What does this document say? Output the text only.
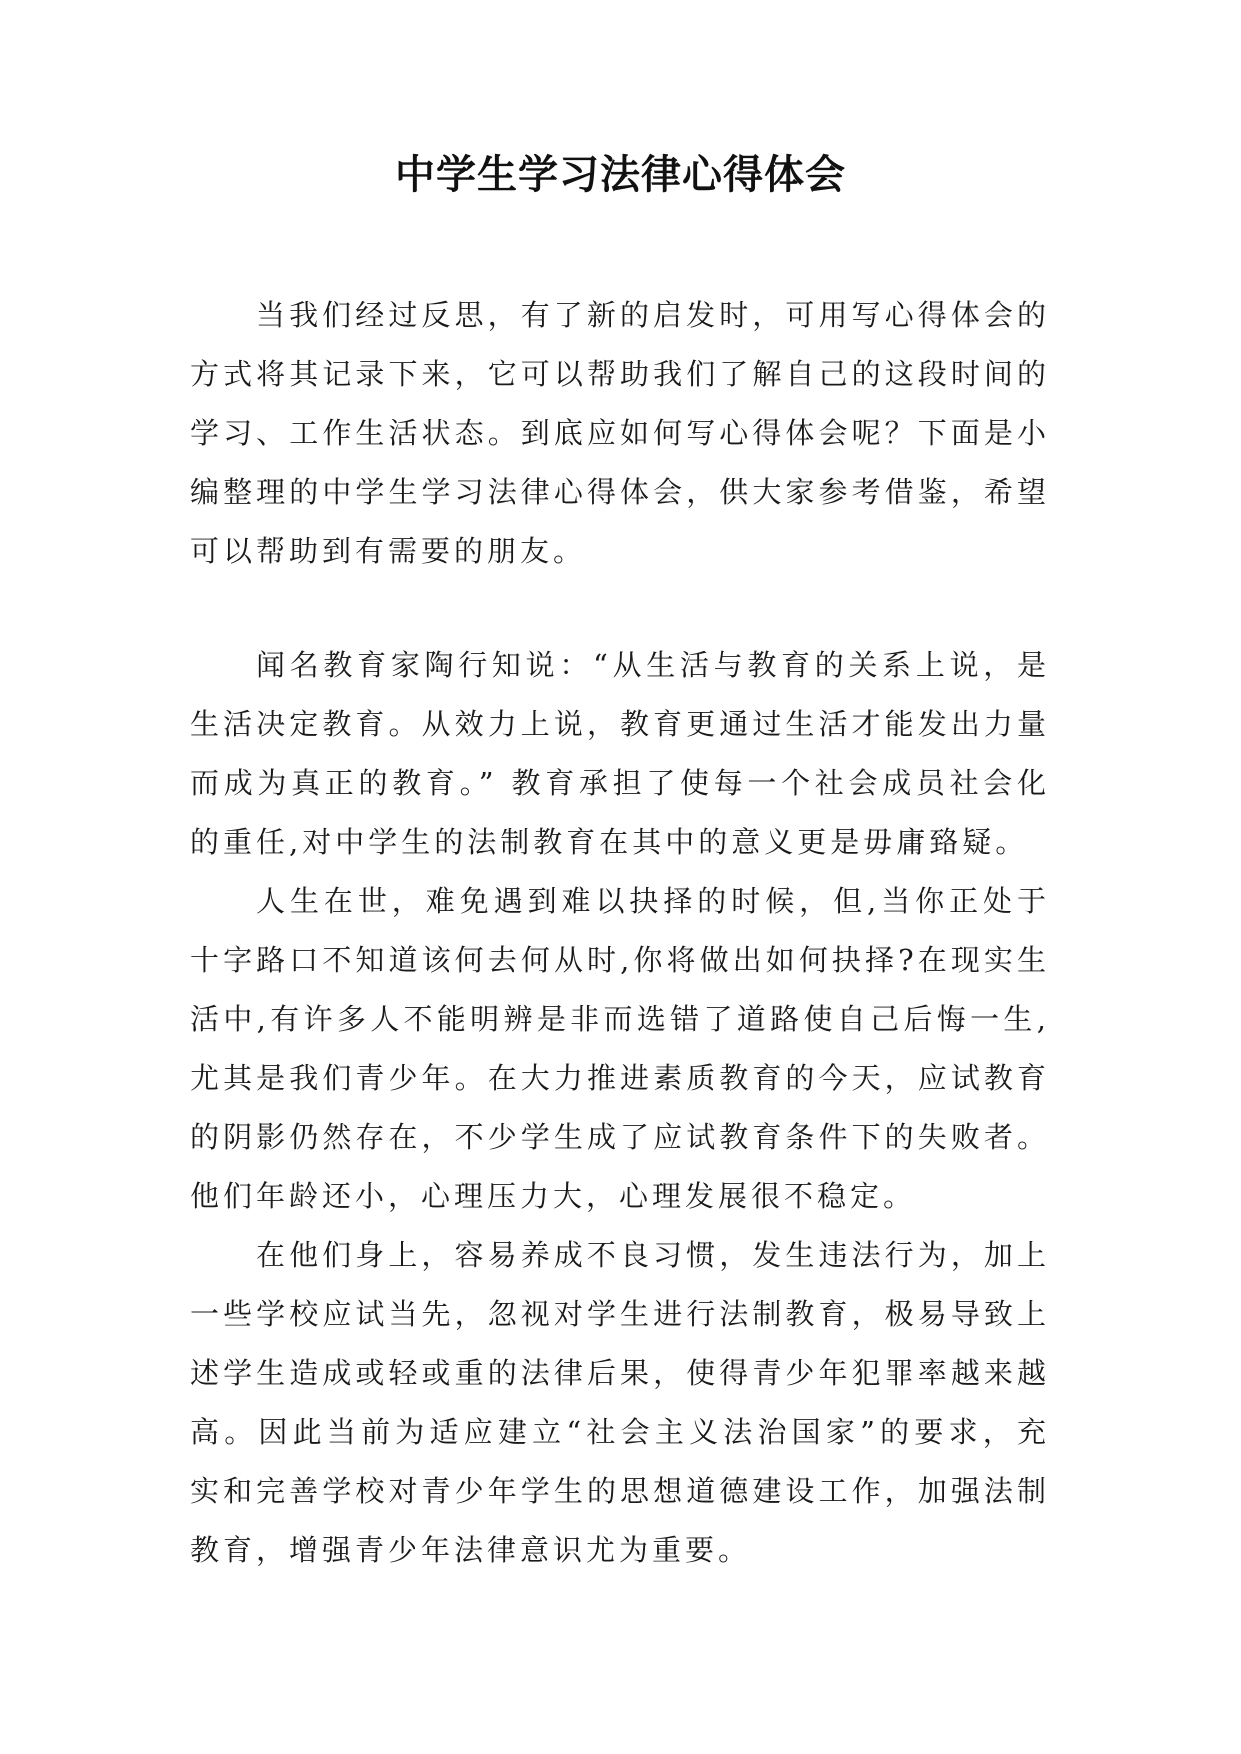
中学生学习法律心得体会

当我们经过反思，有了新的启发时，可用写心得体会的方式将其记录下来，它可以帮助我们了解自己的这段时间的学习、工作生活状态。到底应如何写心得体会呢？下面是小编整理的中学生学习法律心得体会，供大家参考借鉴，希望可以帮助到有需要的朋友。

闻名教育家陶行知说：“从生活与教育的关系上说，是生活决定教育。从效力上说，教育更通过生活才能发出力量而成为真正的教育。” 教育承担了使每一个社会成员社会化的重任,对中学生的法制教育在其中的意义更是毋庸臵疑。

人生在世，难免遇到难以抉择的时候，但,当你正处于十字路口不知道该何去何从时,你将做出如何抉择?在现实生活中,有许多人不能明辨是非而选错了道路使自己后悔一生,尤其是我们青少年。在大力推进素质教育的今天，应试教育的阴影仍然存在，不少学生成了应试教育条件下的失败者。他们年龄还小，心理压力大，心理发展很不稳定。

在他们身上，容易养成不良习惯，发生违法行为，加上一些学校应试当先，忽视对学生进行法制教育，极易导致上述学生造成或轻或重的法律后果，使得青少年犯罪率越来越高。因此当前为适应建立“社会主义法治国家”的要求，充实和完善学校对青少年学生的思想道德建设工作，加强法制教育，增强青少年法律意识尤为重要。
